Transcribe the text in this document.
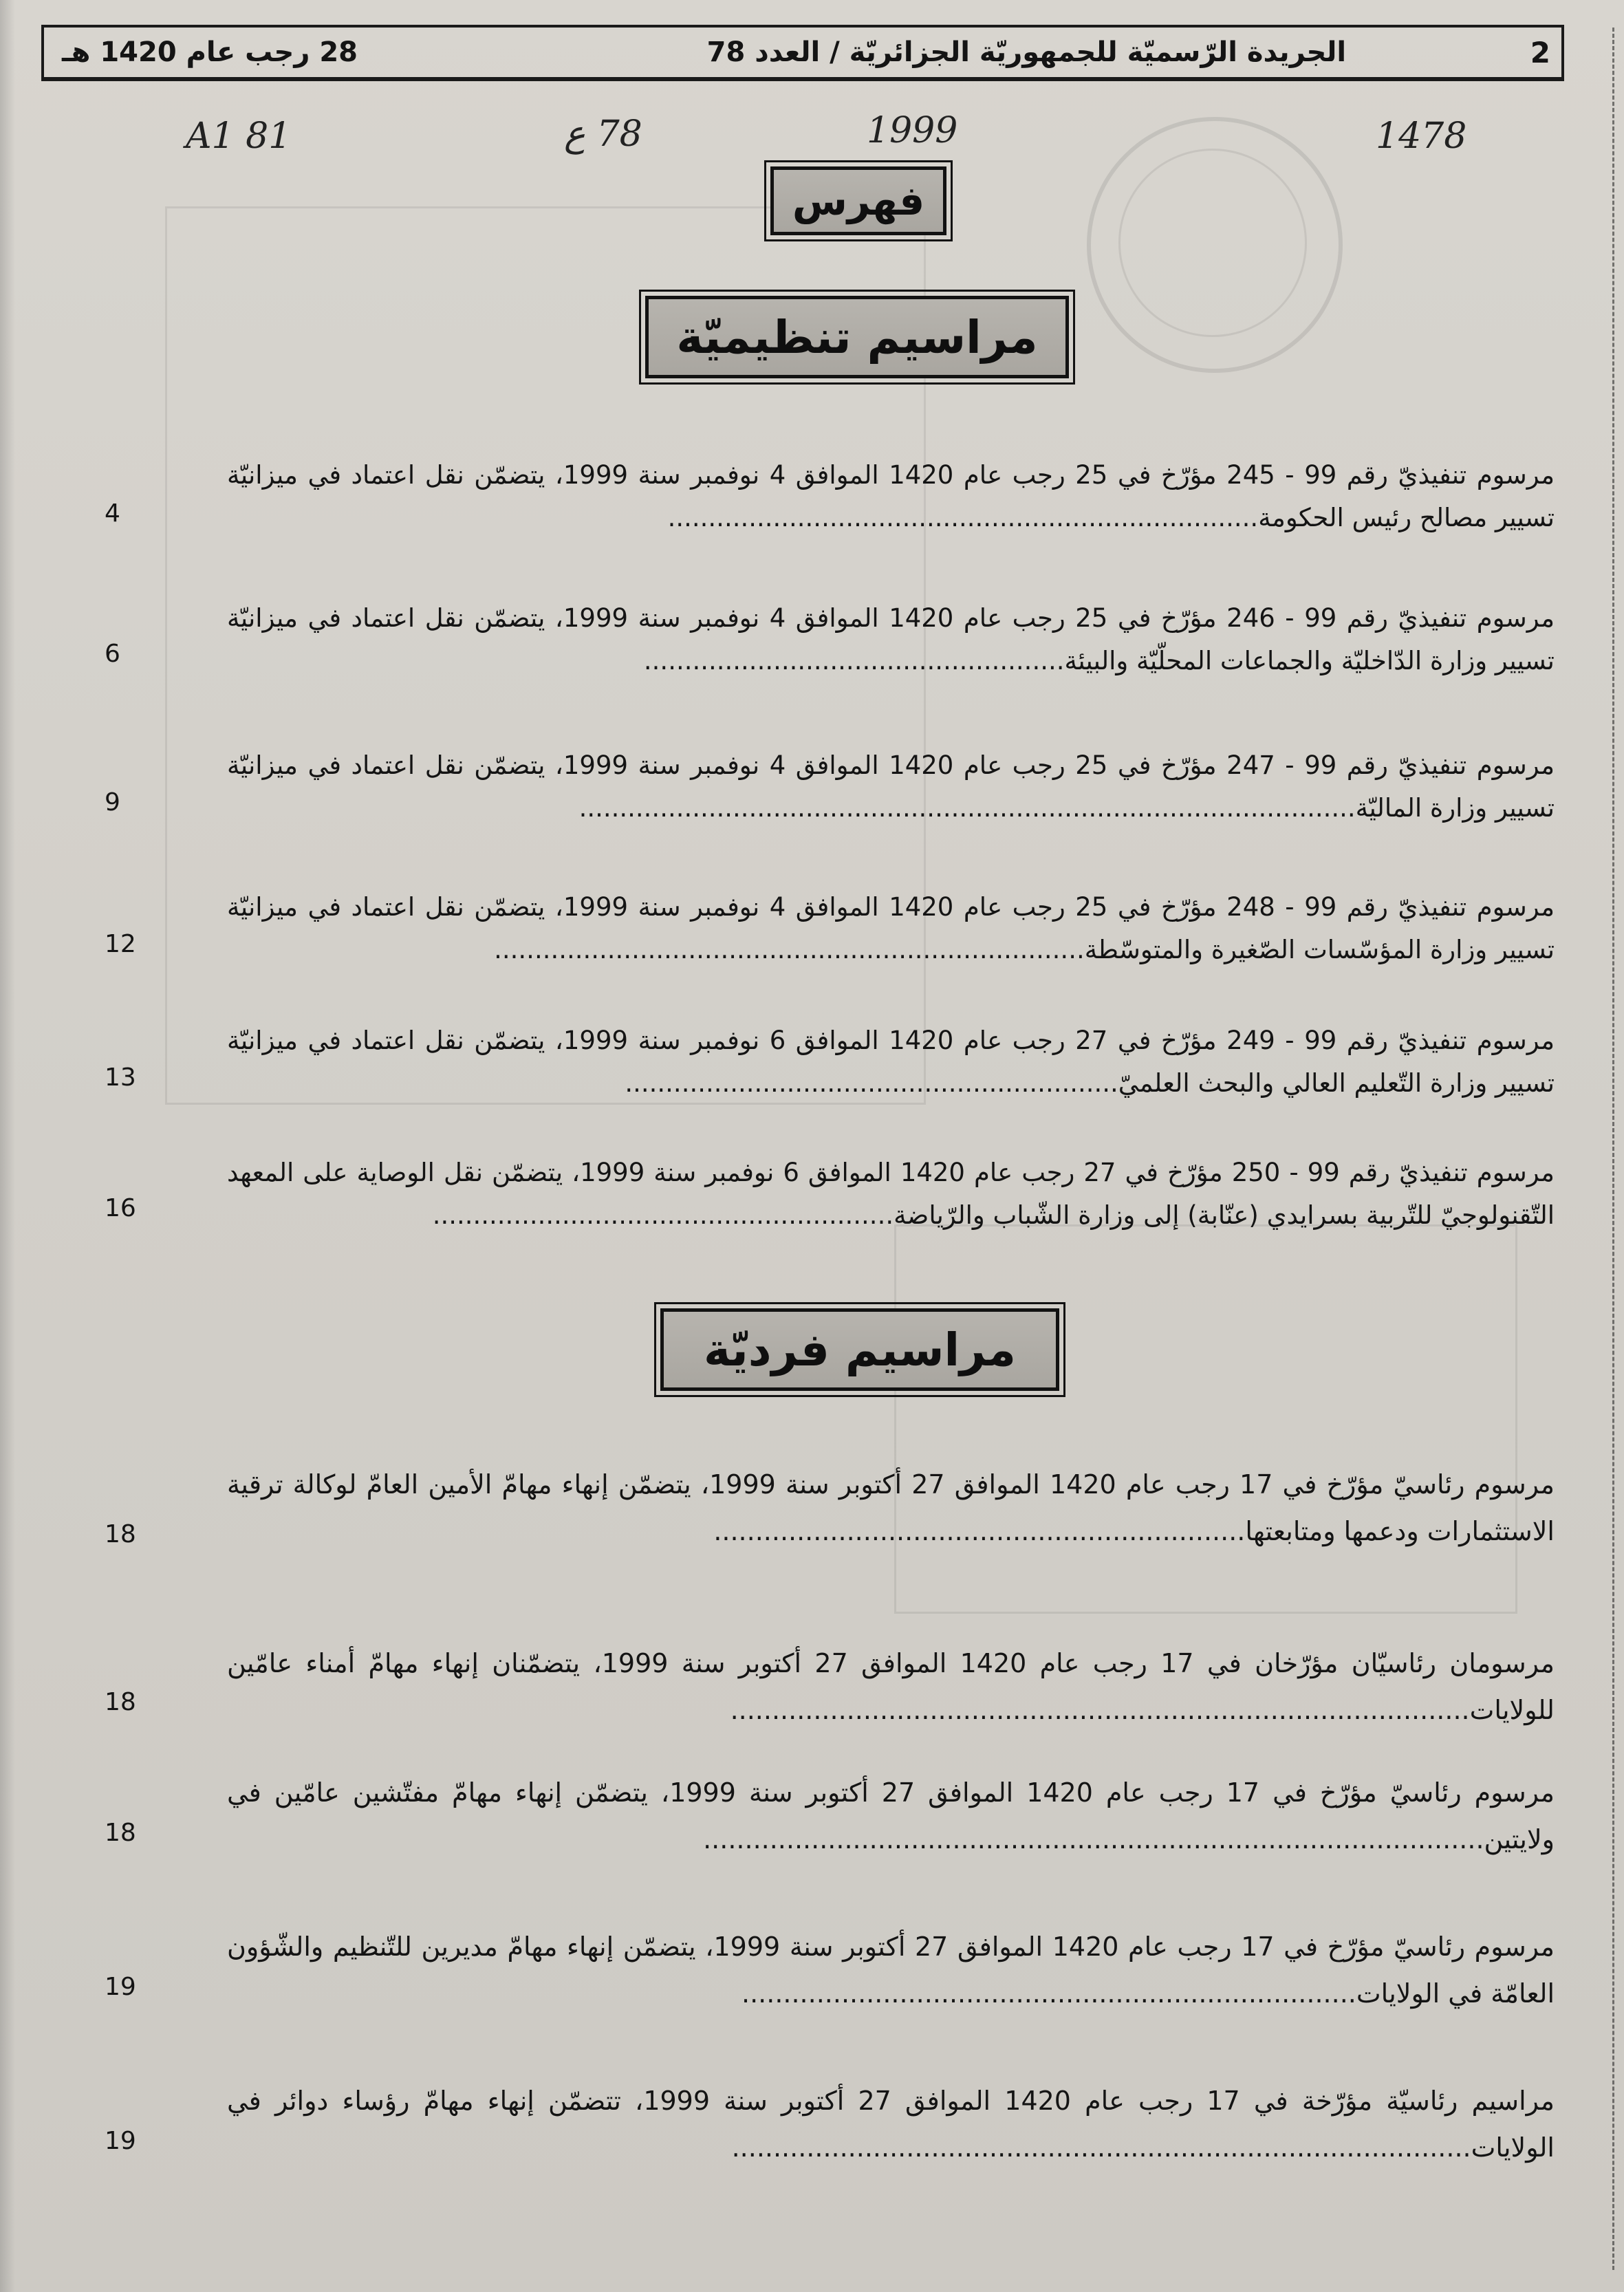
28 رجب عام 1420 هـ	الجريدة الرّسميّة للجمهوريّة الجزائريّة / العدد 78	2
A1 81	78 ع	1999	1478
فهرس
مراسيم تنظيميّة
مرسوم تنفيذيّ رقم 99 - 245 مؤرّخ في 25 رجب عام 1420 الموافق 4 نوفمبر سنة 1999، يتضمّن نقل اعتماد في ميزانيّة تسيير مصالح رئيس الحكومة.........................................................................
4
مرسوم تنفيذيّ رقم 99 - 246 مؤرّخ في 25 رجب عام 1420 الموافق 4 نوفمبر سنة 1999، يتضمّن نقل اعتماد في ميزانيّة تسيير وزارة الدّاخليّة والجماعات المحلّيّة والبيئة....................................................
6
مرسوم تنفيذيّ رقم 99 - 247 مؤرّخ في 25 رجب عام 1420 الموافق 4 نوفمبر سنة 1999، يتضمّن نقل اعتماد في ميزانيّة تسيير وزارة الماليّة................................................................................................
9
مرسوم تنفيذيّ رقم 99 - 248 مؤرّخ في 25 رجب عام 1420 الموافق 4 نوفمبر سنة 1999، يتضمّن نقل اعتماد في ميزانيّة تسيير وزارة المؤسّسات الصّغيرة والمتوسّطة.........................................................................
12
مرسوم تنفيذيّ رقم 99 - 249 مؤرّخ في 27 رجب عام 1420 الموافق 6 نوفمبر سنة 1999، يتضمّن نقل اعتماد في ميزانيّة تسيير وزارة التّعليم العالي والبحث العلميّ.............................................................
13
مرسوم تنفيذيّ رقم 99 - 250 مؤرّخ في 27 رجب عام 1420 الموافق 6 نوفمبر سنة 1999، يتضمّن نقل الوصاية على المعهد التّقنولوجيّ للتّربية بسرايدي (عنّابة) إلى وزارة الشّباب والرّياضة.........................................................
16
مراسيم فرديّة
مرسوم رئاسيّ مؤرّخ في 17 رجب عام 1420 الموافق 27 أكتوبر سنة 1999، يتضمّن إنهاء مهامّ الأمين العامّ لوكالة ترقية الاستثمارات ودعمها ومتابعتها................................................................
18
مرسومان رئاسيّان مؤرّخان في 17 رجب عام 1420 الموافق 27 أكتوبر سنة 1999، يتضمّنان إنهاء مهامّ أمناء عامّين للولايات.........................................................................................
18
مرسوم رئاسيّ مؤرّخ في 17 رجب عام 1420 الموافق 27 أكتوبر سنة 1999، يتضمّن إنهاء مهامّ مفتّشين عامّين في ولايتين..............................................................................................
18
مرسوم رئاسيّ مؤرّخ في 17 رجب عام 1420 الموافق 27 أكتوبر سنة 1999، يتضمّن إنهاء مهامّ مديرين للتّنظيم والشّؤون العامّة في الولايات..........................................................................
19
مراسيم رئاسيّة مؤرّخة في 17 رجب عام 1420 الموافق 27 أكتوبر سنة 1999، تتضمّن إنهاء مهامّ رؤساء دوائر في الولايات.........................................................................................
19
